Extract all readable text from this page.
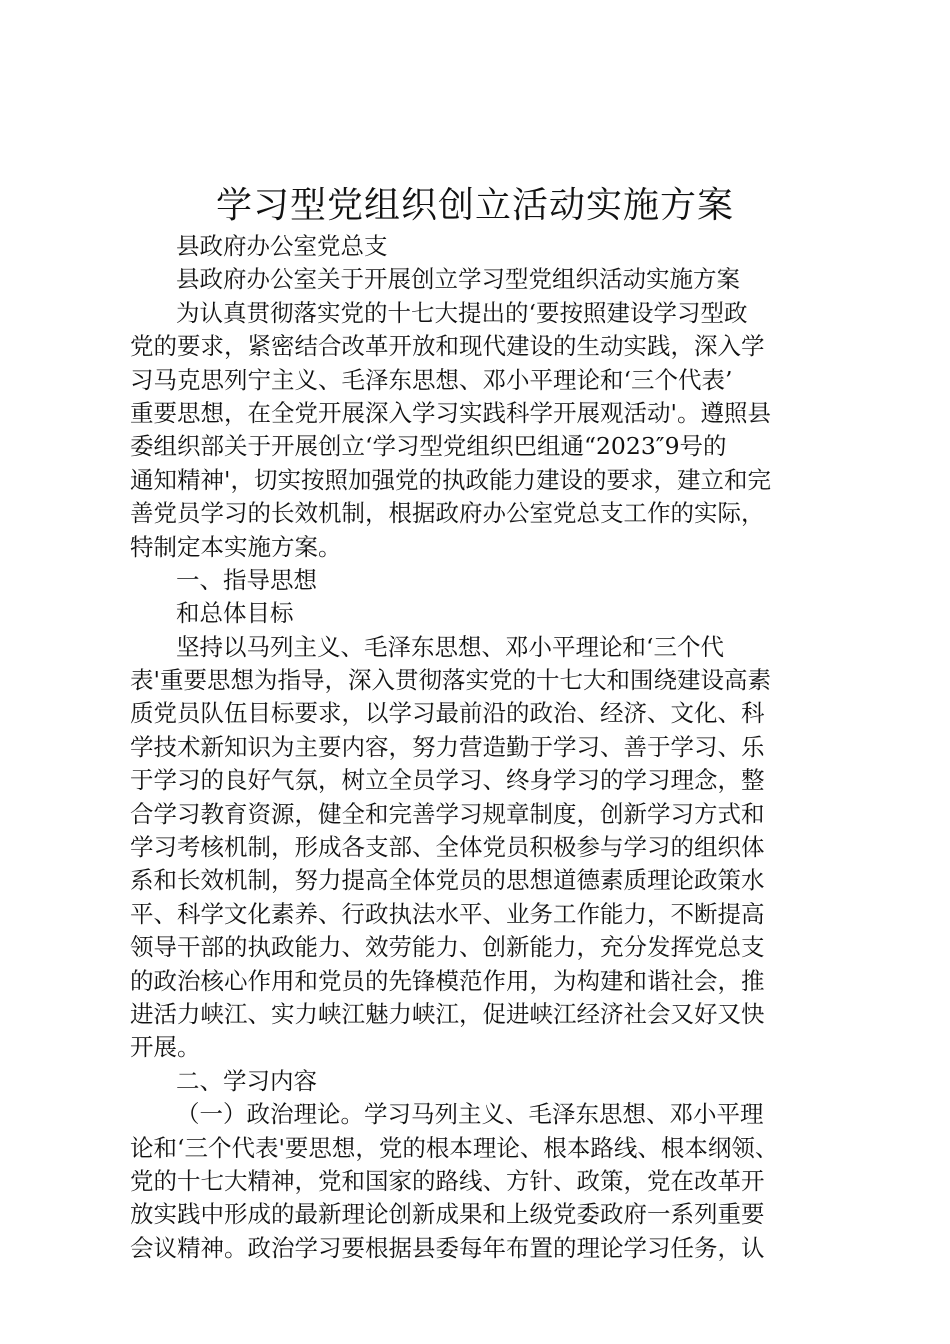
学习型党组织创立活动实施方案
县政府办公室党总支
县政府办公室关于开展创立学习型党组织活动实施方案
为认真贯彻落实党的十七大提出的‘要按照建设学习型政
党的要求，紧密结合改革开放和现代建设的生动实践，深入学
习马克思列宁主义、毛泽东思想、邓小平理论和‘三个代表’
重要思想，在全党开展深入学习实践科学开展观活动'。遵照县
委组织部关于开展创立‘学习型党组织巴组通“2023″9号的
通知精神'，切实按照加强党的执政能力建设的要求，建立和完
善党员学习的长效机制，根据政府办公室党总支工作的实际，
特制定本实施方案。
一、指导思想
和总体目标
坚持以马列主义、毛泽东思想、邓小平理论和‘三个代
表'重要思想为指导，深入贯彻落实党的十七大和围绕建设高素
质党员队伍目标要求，以学习最前沿的政治、经济、文化、科
学技术新知识为主要内容，努力营造勤于学习、善于学习、乐
于学习的良好气氛，树立全员学习、终身学习的学习理念，整
合学习教育资源，健全和完善学习规章制度，创新学习方式和
学习考核机制，形成各支部、全体党员积极参与学习的组织体
系和长效机制，努力提高全体党员的思想道德素质理论政策水
平、科学文化素养、行政执法水平、业务工作能力，不断提高
领导干部的执政能力、效劳能力、创新能力，充分发挥党总支
的政治核心作用和党员的先锋模范作用，为构建和谐社会，推
进活力峡江、实力峡江魅力峡江，促进峡江经济社会又好又快
开展。
二、学习内容
（一）政治理论。学习马列主义、毛泽东思想、邓小平理
论和‘三个代表'要思想，党的根本理论、根本路线、根本纲领、
党的十七大精神，党和国家的路线、方针、政策，党在改革开
放实践中形成的最新理论创新成果和上级党委政府一系列重要
会议精神。政治学习要根据县委每年布置的理论学习任务，认
